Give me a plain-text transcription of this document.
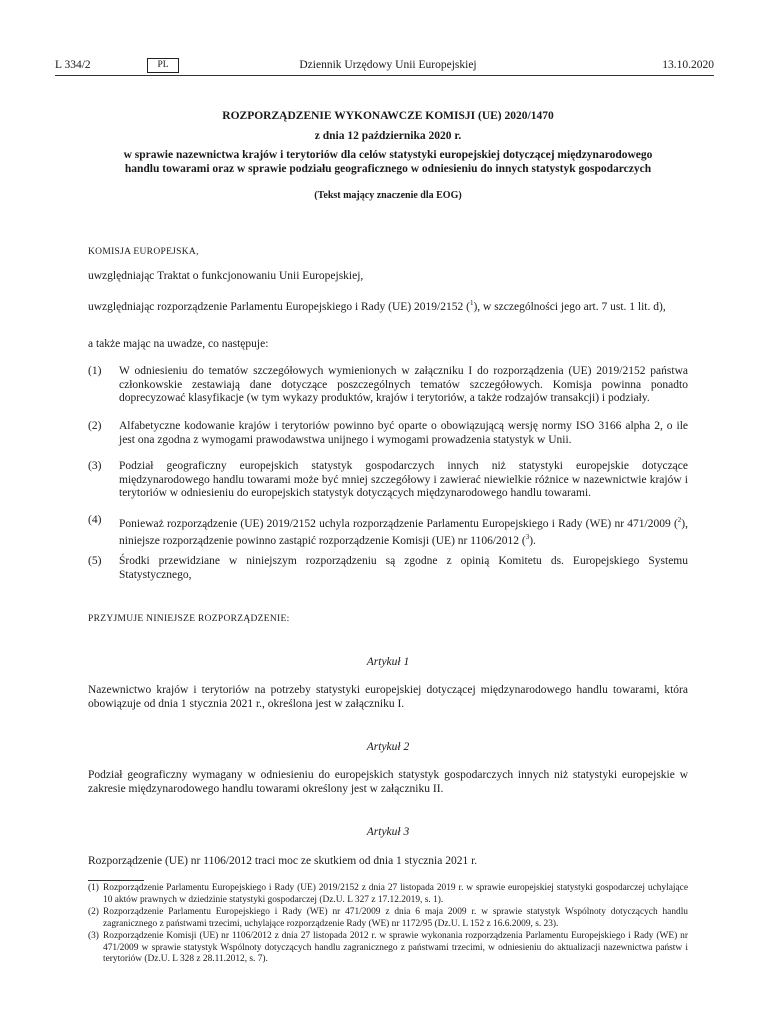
L 334/2	PL	Dziennik Urzędowy Unii Europejskiej	13.10.2020
ROZPORZĄDZENIE WYKONAWCZE KOMISJI (UE) 2020/1470
z dnia 12 października 2020 r.
w sprawie nazewnictwa krajów i terytoriów dla celów statystyki europejskiej dotyczącej międzynarodowego handlu towarami oraz w sprawie podziału geograficznego w odniesieniu do innych statystyk gospodarczych
(Tekst mający znaczenie dla EOG)
KOMISJA EUROPEJSKA,
uwzględniając Traktat o funkcjonowaniu Unii Europejskiej,
uwzględniając rozporządzenie Parlamentu Europejskiego i Rady (UE) 2019/2152 ($^1$), w szczególności jego art. 7 ust. 1 lit. d),
a także mając na uwadze, co następuje:
(1)	W odniesieniu do tematów szczegółowych wymienionych w załączniku I do rozporządzenia (UE) 2019/2152 państwa członkowskie zestawiają dane dotyczące poszczególnych tematów szczegółowych. Komisja powinna ponadto doprecyzować klasyfikacje (w tym wykazy produktów, krajów i terytoriów, a także rodzajów transakcji) i podziały.
(2)	Alfabetyczne kodowanie krajów i terytoriów powinno być oparte o obowiązującą wersję normy ISO 3166 alpha 2, o ile jest ona zgodna z wymogami prawodawstwa unijnego i wymogami prowadzenia statystyk w Unii.
(3)	Podział geograficzny europejskich statystyk gospodarczych innych niż statystyki europejskie dotyczące międzynarodowego handlu towarami może być mniej szczegółowy i zawierać niewielkie różnice w nazewnictwie krajów i terytoriów w odniesieniu do europejskich statystyk dotyczących międzynarodowego handlu towarami.
(4)	Ponieważ rozporządzenie (UE) 2019/2152 uchyla rozporządzenie Parlamentu Europejskiego i Rady (WE) nr 471/2009 ($^2$), niniejsze rozporządzenie powinno zastąpić rozporządzenie Komisji (UE) nr 1106/2012 ($^3$).
(5)	Środki przewidziane w niniejszym rozporządzeniu są zgodne z opinią Komitetu ds. Europejskiego Systemu Statystycznego,
PRZYJMUJE NINIEJSZE ROZPORZĄDZENIE:
Artykuł 1
Nazewnictwo krajów i terytoriów na potrzeby statystyki europejskiej dotyczącej międzynarodowego handlu towarami, która obowiązuje od dnia 1 stycznia 2021 r., określona jest w załączniku I.
Artykuł 2
Podział geograficzny wymagany w odniesieniu do europejskich statystyk gospodarczych innych niż statystyki europejskie w zakresie międzynarodowego handlu towarami określony jest w załączniku II.
Artykuł 3
Rozporządzenie (UE) nr 1106/2012 traci moc ze skutkiem od dnia 1 stycznia 2021 r.
(1) Rozporządzenie Parlamentu Europejskiego i Rady (UE) 2019/2152 z dnia 27 listopada 2019 r. w sprawie europejskiej statystyki gospodarczej uchylające 10 aktów prawnych w dziedzinie statystyki gospodarczej (Dz.U. L 327 z 17.12.2019, s. 1).
(2) Rozporządzenie Parlamentu Europejskiego i Rady (WE) nr 471/2009 z dnia 6 maja 2009 r. w sprawie statystyk Wspólnoty dotyczących handlu zagranicznego z państwami trzecimi, uchylające rozporządzenie Rady (WE) nr 1172/95 (Dz.U. L 152 z 16.6.2009, s. 23).
(3) Rozporządzenie Komisji (UE) nr 1106/2012 z dnia 27 listopada 2012 r. w sprawie wykonania rozporządzenia Parlamentu Europejskiego i Rady (WE) nr 471/2009 w sprawie statystyk Wspólnoty dotyczących handlu zagranicznego z państwami trzecimi, w odniesieniu do aktualizacji nazewnictwa państw i terytoriów (Dz.U. L 328 z 28.11.2012, s. 7).
